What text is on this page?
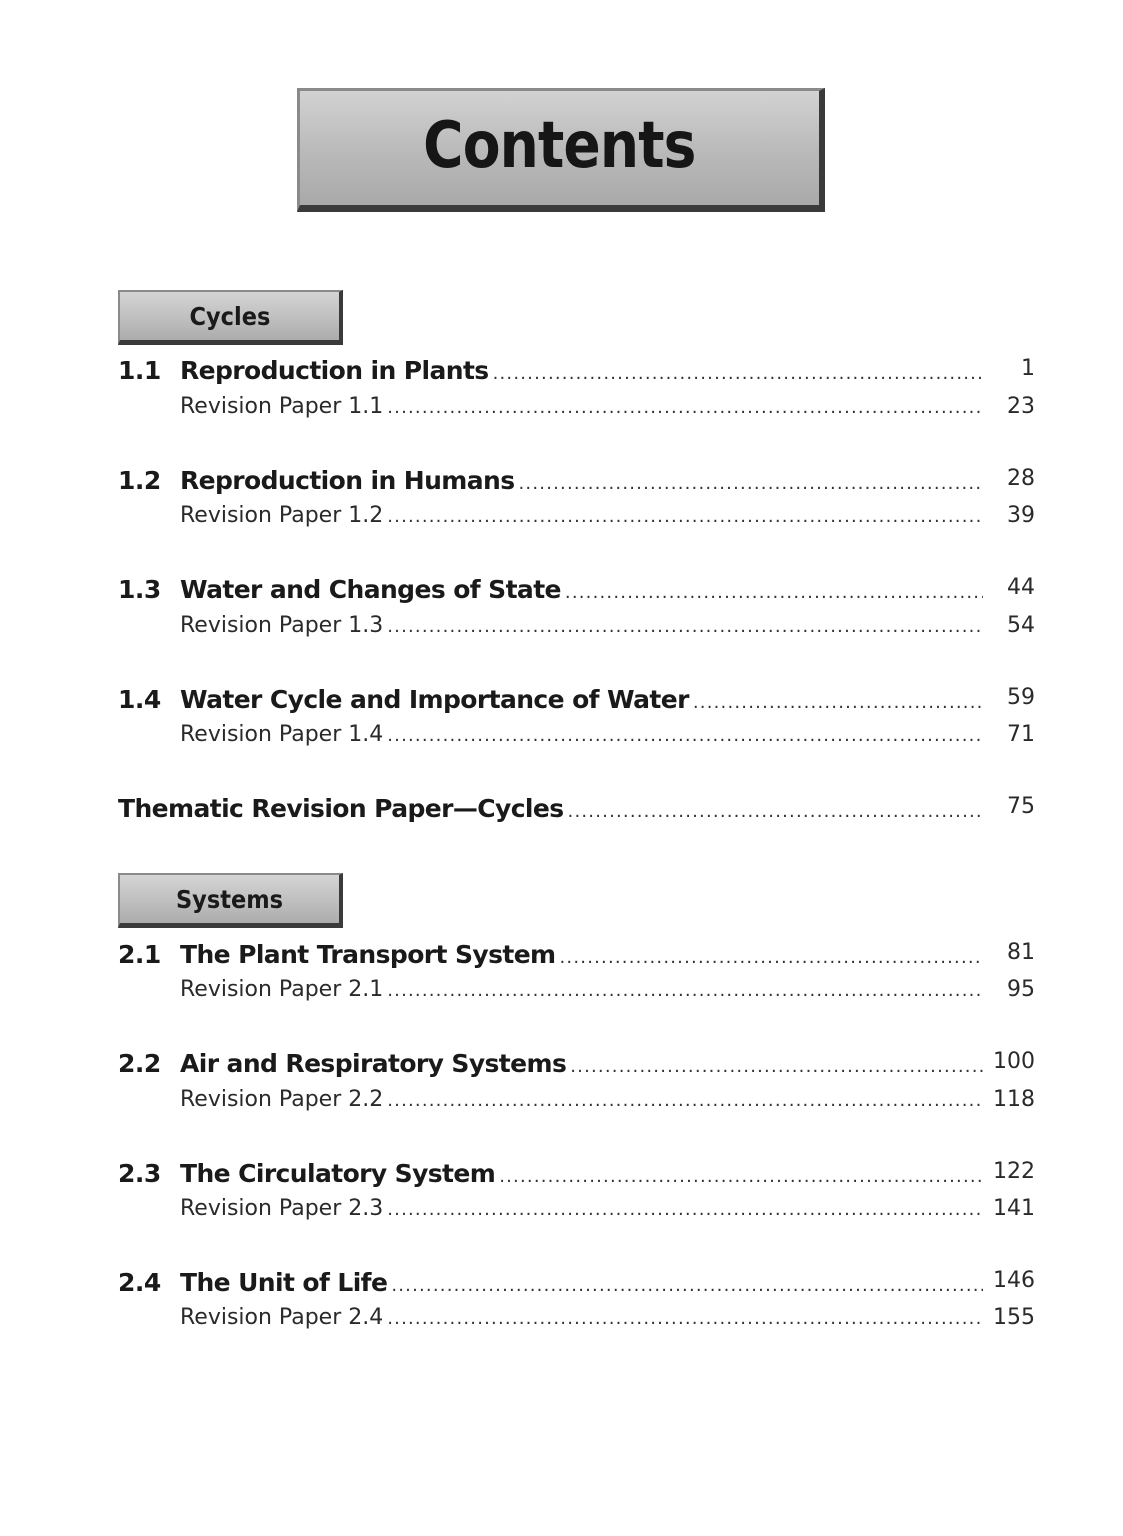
Contents
Cycles
1.1 Reproduction in Plants .....	1
Revision Paper 1.1 .....	23
1.2 Reproduction in Humans .....	28
Revision Paper 1.2 .....	39
1.3 Water and Changes of State .....	44
Revision Paper 1.3 .....	54
1.4 Water Cycle and Importance of Water .....	59
Revision Paper 1.4 .....	71
Thematic Revision Paper—Cycles .....	75
Systems
2.1 The Plant Transport System .....	81
Revision Paper 2.1 .....	95
2.2 Air and Respiratory Systems .....	100
Revision Paper 2.2 .....	118
2.3 The Circulatory System .....	122
Revision Paper 2.3 .....	141
2.4 The Unit of Life .....	146
Revision Paper 2.4 .....	155
